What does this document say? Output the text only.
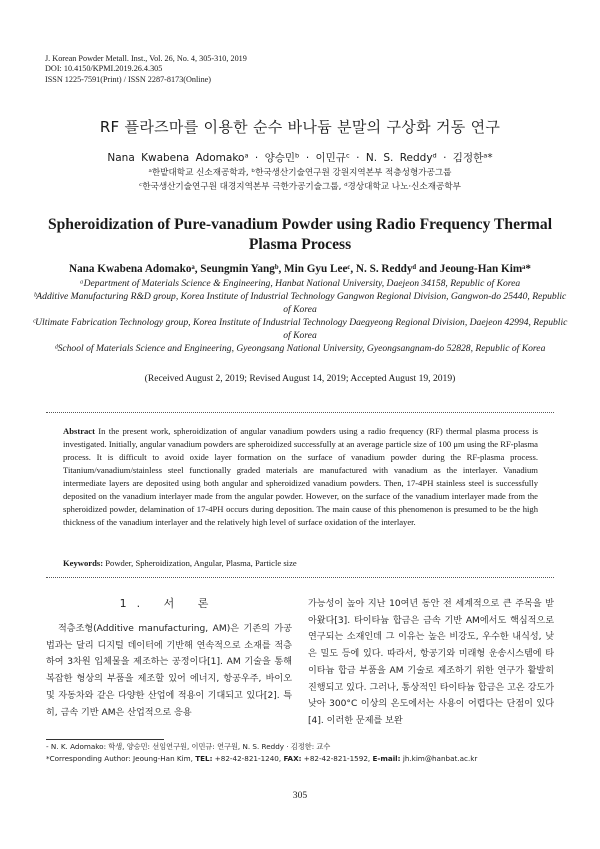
J. Korean Powder Metall. Inst., Vol. 26, No. 4, 305-310, 2019
DOI: 10.4150/KPMI.2019.26.4.305
ISSN 1225-7591(Print) / ISSN 2287-8173(Online)
RF 플라즈마를 이용한 순수 바나듐 분말의 구상화 거동 연구
Nana Kwabena Adomakoᵃ · 양승민ᵇ · 이민규ᶜ · N. S. Reddyᵈ · 김정한ᵃ*
ᵃ한밭대학교 신소재공학과, ᵇ한국생산기술연구원 강원지역본부 적층성형가공그룹
ᶜ한국생산기술연구원 대경지역본부 극한가공기술그룹, ᵈ경상대학교 나노·신소재공학부
Spheroidization of Pure-vanadium Powder using Radio Frequency Thermal Plasma Process
Nana Kwabena Adomakoᵃ, Seungmin Yangᵇ, Min Gyu Leeᶜ, N. S. Reddyᵈ and Jeoung-Han Kimᵃ*
ᵃDepartment of Materials Science & Engineering, Hanbat National University, Daejeon 34158, Republic of Korea
ᵇAdditive Manufacturing R&D group, Korea Institute of Industrial Technology Gangwon Regional Division, Gangwon-do 25440, Republic of Korea
ᶜUltimate Fabrication Technology group, Korea Institute of Industrial Technology Daegyeong Regional Division, Daejeon 42994, Republic of Korea
ᵈSchool of Materials Science and Engineering, Gyeongsang National University, Gyeongsangnam-do 52828, Republic of Korea
(Received August 2, 2019; Revised August 14, 2019; Accepted August 19, 2019)
Abstract In the present work, spheroidization of angular vanadium powders using a radio frequency (RF) thermal plasma process is investigated. Initially, angular vanadium powders are spheroidized successfully at an average particle size of 100 μm using the RF-plasma process. It is difficult to avoid oxide layer formation on the surface of vanadium powder during the RF-plasma process. Titanium/vanadium/stainless steel functionally graded materials are manufactured with vanadium as the interlayer. Vanadium intermediate layers are deposited using both angular and spheroidized vanadium powders. Then, 17-4PH stainless steel is successfully deposited on the vanadium interlayer made from the angular powder. However, on the surface of the vanadium interlayer made from the spheroidized powder, delamination of 17-4PH occurs during deposition. The main cause of this phenomenon is presumed to be the high thickness of the vanadium interlayer and the relatively high level of surface oxidation of the interlayer.
Keywords: Powder, Spheroidization, Angular, Plasma, Particle size
1. 서 론
적층조형(Additive manufacturing, AM)은 기존의 가공법과는 달리 디지털 데이터에 기반해 연속적으로 소재를 적층하여 3차원 입체물을 제조하는 공정이다[1]. AM 기술을 통해 복잡한 형상의 부품을 제조할 있어 에너지, 항공우주, 바이오 및 자동차와 같은 다양한 산업에 적용이 기대되고 있다[2]. 특히, 금속 기반 AM은 산업적으로 응용
가능성이 높아 지난 10여년 동안 전 세계적으로 큰 주목을 받아왔다[3]. 타이타늄 합금은 금속 기반 AM에서도 핵심적으로 연구되는 소재인데 그 이유는 높은 비강도, 우수한 내식성, 낮은 밀도 등에 있다. 따라서, 항공기와 미래형 운송시스템에 타이타늄 합금 부품을 AM 기술로 제조하기 위한 연구가 활발히 진행되고 있다. 그러나, 통상적인 타이타늄 합금은 고온 강도가 낮아 300°C 이상의 온도에서는 사용이 어렵다는 단점이 있다[4]. 이러한 문제를 보완
- N. K. Adomako: 학생, 양승민: 선임연구원, 이민규: 연구원, N. S. Reddy · 김정한: 교수
*Corresponding Author: Jeoung-Han Kim, TEL: +82-42-821-1240, FAX: +82-42-821-1592, E-mail: jh.kim@hanbat.ac.kr
305
